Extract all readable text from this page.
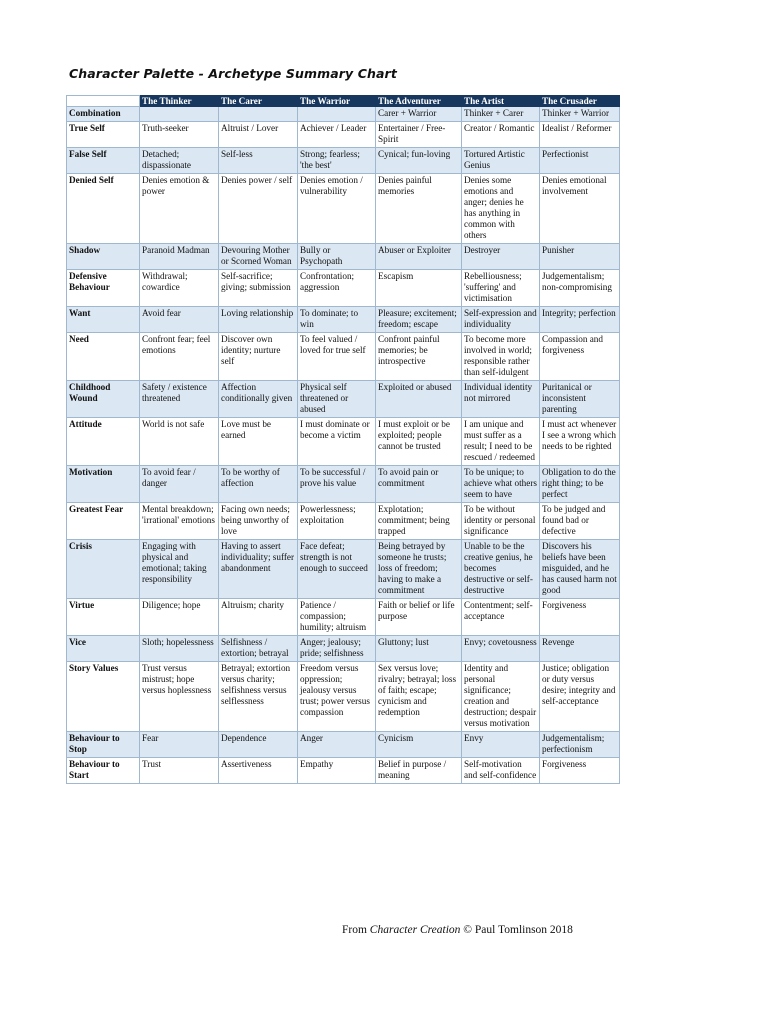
Character Palette - Archetype Summary Chart
	The Thinker	The Carer	The Warrior	The Adventurer	The Artist	The Crusader
Combination				Carer + Warrior	Thinker + Carer	Thinker + Warrior
True Self	Truth-seeker	Altruist / Lover	Achiever / Leader	Entertainer / Free-Spirit	Creator / Romantic	Idealist / Reformer
False Self	Detached; dispassionate	Self-less	Strong; fearless; 'the best'	Cynical; fun-loving	Tortured Artistic Genius	Perfectionist
Denied Self	Denies emotion & power	Denies power / self	Denies emotion / vulnerability	Denies painful memories	Denies some emotions and anger; denies he has anything in common with others	Denies emotional involvement
Shadow	Paranoid Madman	Devouring Mother or Scorned Woman	Bully or Psychopath	Abuser or Exploiter	Destroyer	Punisher
Defensive Behaviour	Withdrawal; cowardice	Self-sacrifice; giving; submission	Confrontation; aggression	Escapism	Rebelliousness; 'suffering' and victimisation	Judgementalism; non-compromising
Want	Avoid fear	Loving relationship	To dominate; to win	Pleasure; excitement; freedom; escape	Self-expression and individuality	Integrity; perfection
Need	Confront fear; feel emotions	Discover own identity; nurture self	To feel valued / loved for true self	Confront painful memories; be introspective	To become more involved in world; responsible rather than self-idulgent	Compassion and forgiveness
Childhood Wound	Safety / existence threatened	Affection conditionally given	Physical self threatened or abused	Exploited or abused	Individual identity not mirrored	Puritanical or inconsistent parenting
Attitude	World is not safe	Love must be earned	I must dominate or become a victim	I must exploit or be exploited; people cannot be trusted	I am unique and must suffer as a result; I need to be rescued / redeemed	I must act whenever I see a wrong which needs to be righted
Motivation	To avoid fear / danger	To be worthy of affection	To be successful / prove his value	To avoid pain or commitment	To be unique; to achieve what others seem to have	Obligation to do the right thing; to be perfect
Greatest Fear	Mental breakdown; 'irrational' emotions	Facing own needs; being unworthy of love	Powerlessness; exploitation	Explotation; commitment; being trapped	To be without identity or personal significance	To be judged and found bad or defective
Crisis	Engaging with physical and emotional; taking responsibility	Having to assert individuality; suffer abandonment	Face defeat; strength is not enough to succeed	Being betrayed by someone he trusts; loss of freedom; having to make a commitment	Unable to be the creative genius, he becomes destructive or self-destructive	Discovers his beliefs have been misguided, and he has caused harm not good
Virtue	Diligence; hope	Altruism; charity	Patience / compassion; humility; altruism	Faith or belief or life purpose	Contentment; self-acceptance	Forgiveness
Vice	Sloth; hopelessness	Selfishness / extortion; betrayal	Anger; jealousy; pride; selfishness	Gluttony; lust	Envy; covetousness	Revenge
Story Values	Trust versus mistrust; hope versus hoplessness	Betrayal; extortion versus charity; selfishness versus selflessness	Freedom versus oppression; jealousy versus trust; power versus compassion	Sex versus love; rivalry; betrayal; loss of faith; escape; cynicism and redemption	Identity and personal significance; creation and destruction; despair versus motivation	Justice; obligation or duty versus desire; integrity and self-acceptance
Behaviour to Stop	Fear	Dependence	Anger	Cynicism	Envy	Judgementalism; perfectionism
Behaviour to Start	Trust	Assertiveness	Empathy	Belief in purpose / meaning	Self-motivation and self-confidence	Forgiveness
From Character Creation © Paul Tomlinson 2018
